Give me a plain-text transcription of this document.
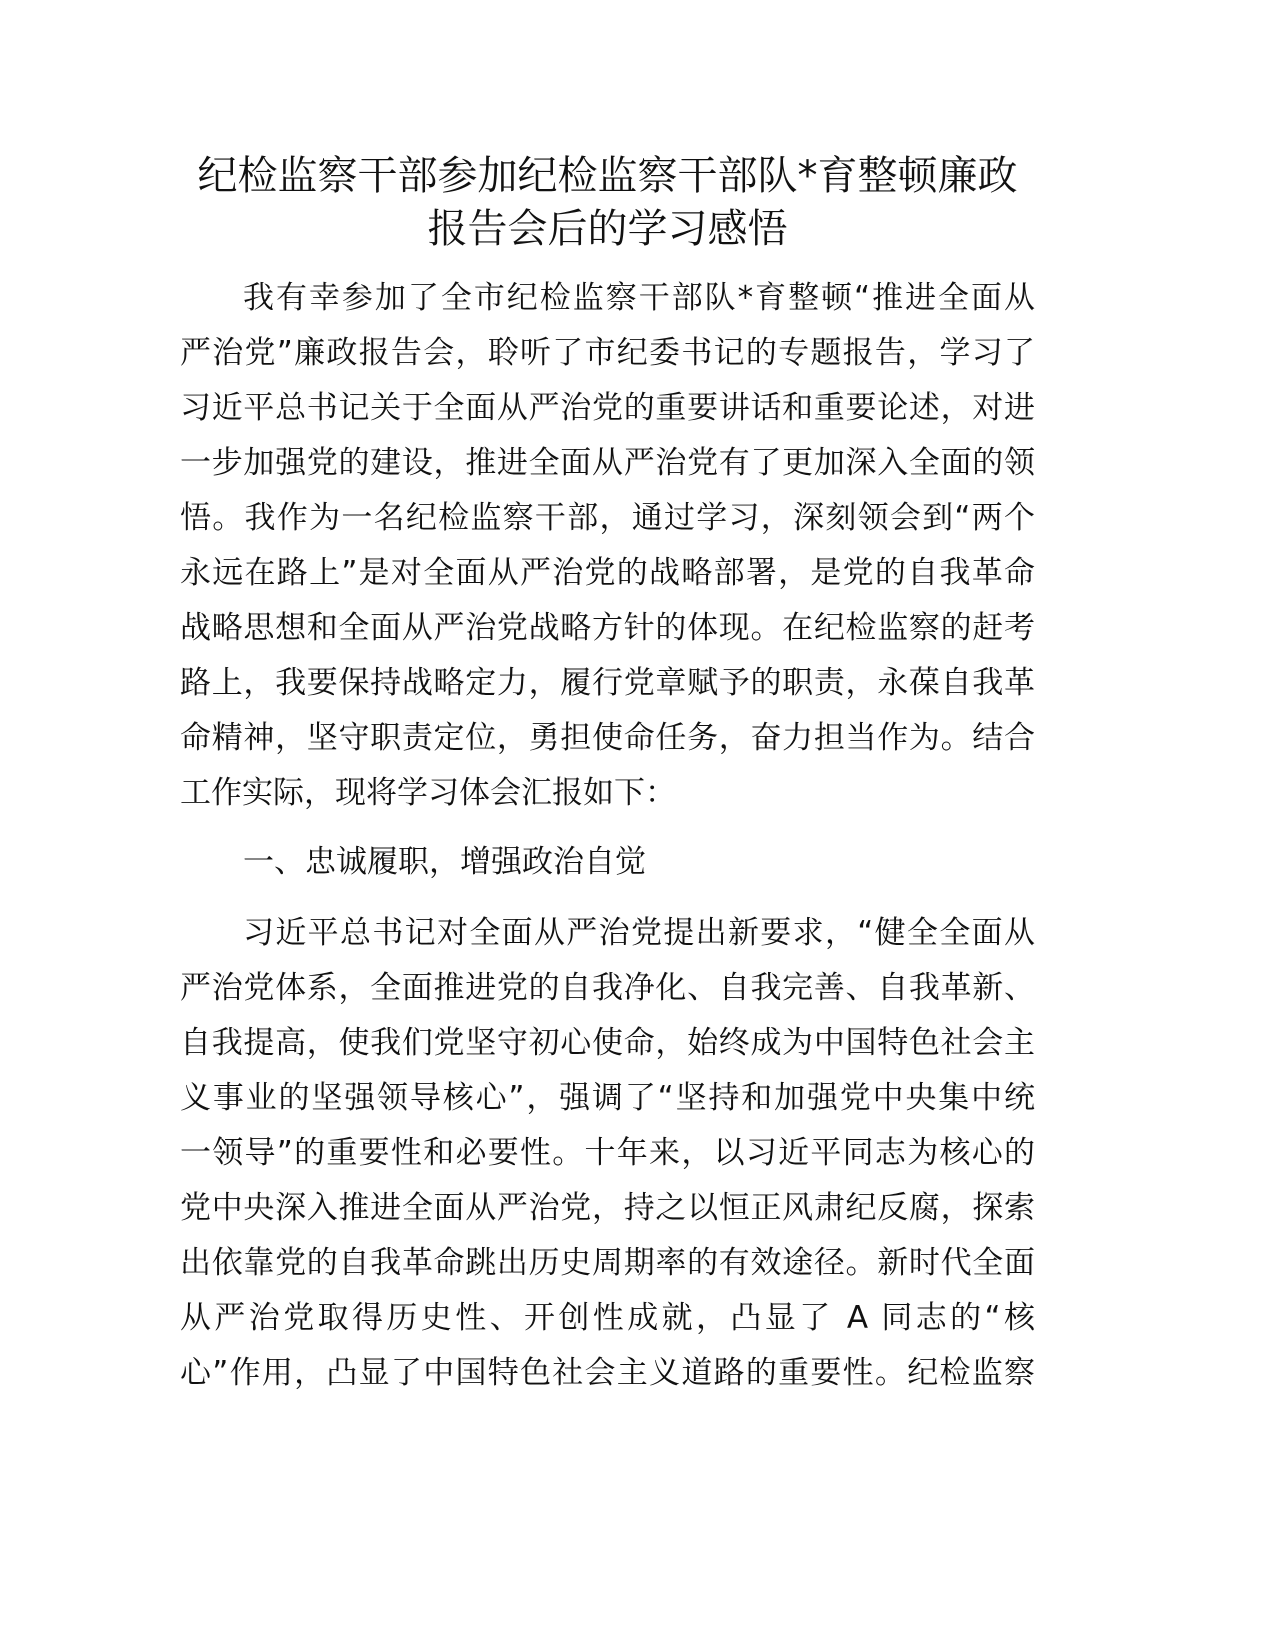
纪检监察干部参加纪检监察干部队*育整顿廉政
报告会后的学习感悟
我有幸参加了全市纪检监察干部队*育整顿“推进全面从
严治党”廉政报告会，聆听了市纪委书记的专题报告，学习了
习近平总书记关于全面从严治党的重要讲话和重要论述，对进
一步加强党的建设，推进全面从严治党有了更加深入全面的领
悟。我作为一名纪检监察干部，通过学习，深刻领会到“两个
永远在路上”是对全面从严治党的战略部署，是党的自我革命
战略思想和全面从严治党战略方针的体现。在纪检监察的赶考
路上，我要保持战略定力，履行党章赋予的职责，永葆自我革
命精神，坚守职责定位，勇担使命任务，奋力担当作为。结合
工作实际，现将学习体会汇报如下：
一、忠诚履职，增强政治自觉
习近平总书记对全面从严治党提出新要求，“健全全面从
严治党体系，全面推进党的自我净化、自我完善、自我革新、
自我提高，使我们党坚守初心使命，始终成为中国特色社会主
义事业的坚强领导核心”，强调了“坚持和加强党中央集中统
一领导”的重要性和必要性。十年来，以习近平同志为核心的
党中央深入推进全面从严治党，持之以恒正风肃纪反腐，探索
出依靠党的自我革命跳出历史周期率的有效途径。新时代全面
从严治党取得历史性、开创性成就，凸显了 A 同志的“核
心”作用，凸显了中国特色社会主义道路的重要性。纪检监察
